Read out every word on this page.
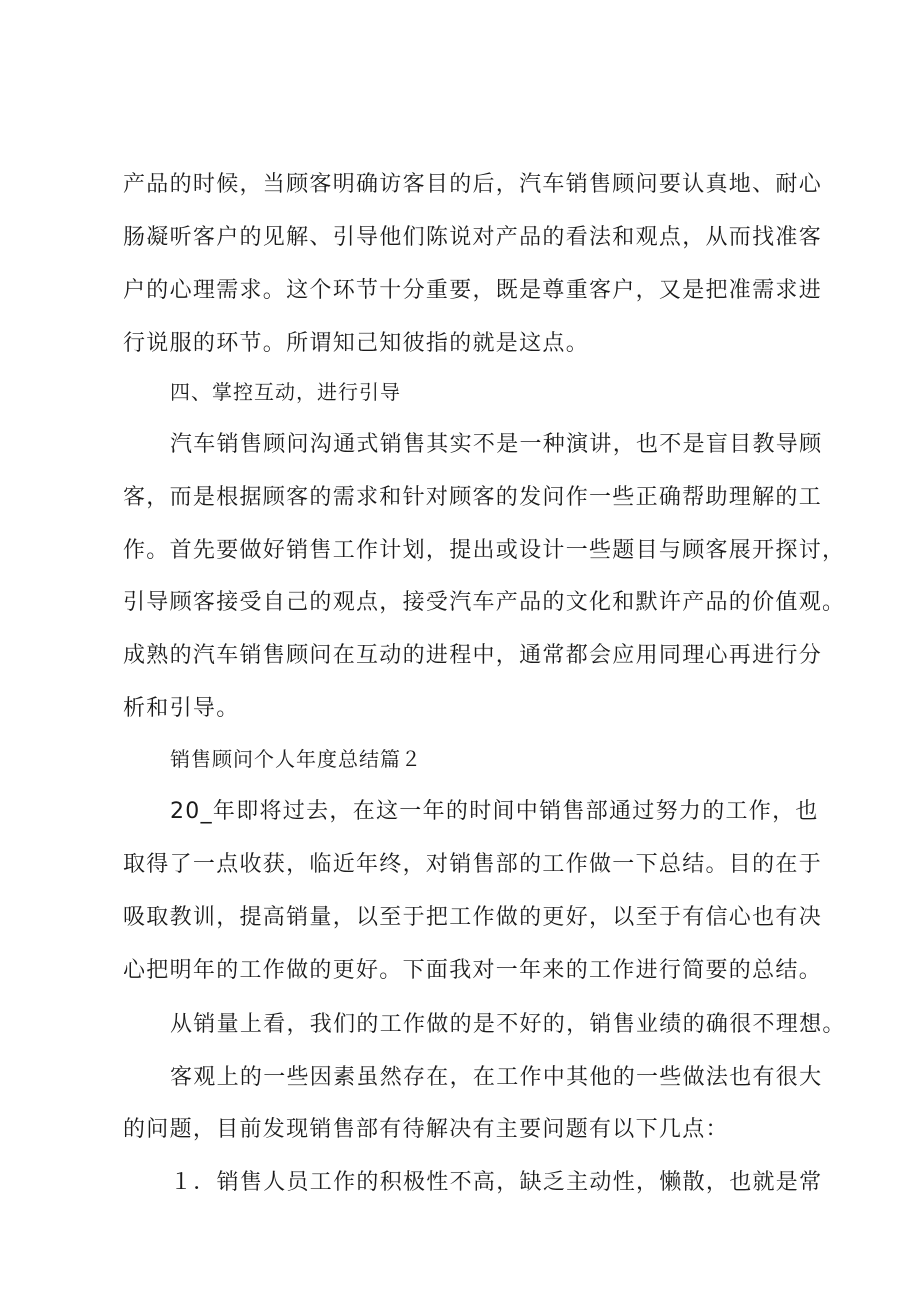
产品的时候，当顾客明确访客目的后，汽车销售顾问要认真地、耐心
肠凝听客户的见解、引导他们陈说对产品的看法和观点，从而找准客
户的心理需求。这个环节十分重要，既是尊重客户，又是把准需求进
行说服的环节。所谓知己知彼指的就是这点。
四、掌控互动，进行引导
汽车销售顾问沟通式销售其实不是一种演讲，也不是盲目教导顾
客，而是根据顾客的需求和针对顾客的发问作一些正确帮助理解的工
作。首先要做好销售工作计划，提出或设计一些题目与顾客展开探讨，
引导顾客接受自己的观点，接受汽车产品的文化和默许产品的价值观。
成熟的汽车销售顾问在互动的进程中，通常都会应用同理心再进行分
析和引导。
销售顾问个人年度总结篇２
20_年即将过去，在这一年的时间中销售部通过努力的工作，也
取得了一点收获，临近年终，对销售部的工作做一下总结。目的在于
吸取教训，提高销量，以至于把工作做的更好，以至于有信心也有决
心把明年的工作做的更好。下面我对一年来的工作进行简要的总结。
从销量上看，我们的工作做的是不好的，销售业绩的确很不理想。
客观上的一些因素虽然存在，在工作中其他的一些做法也有很大
的问题，目前发现销售部有待解决有主要问题有以下几点：
１．销售人员工作的积极性不高，缺乏主动性，懒散，也就是常
